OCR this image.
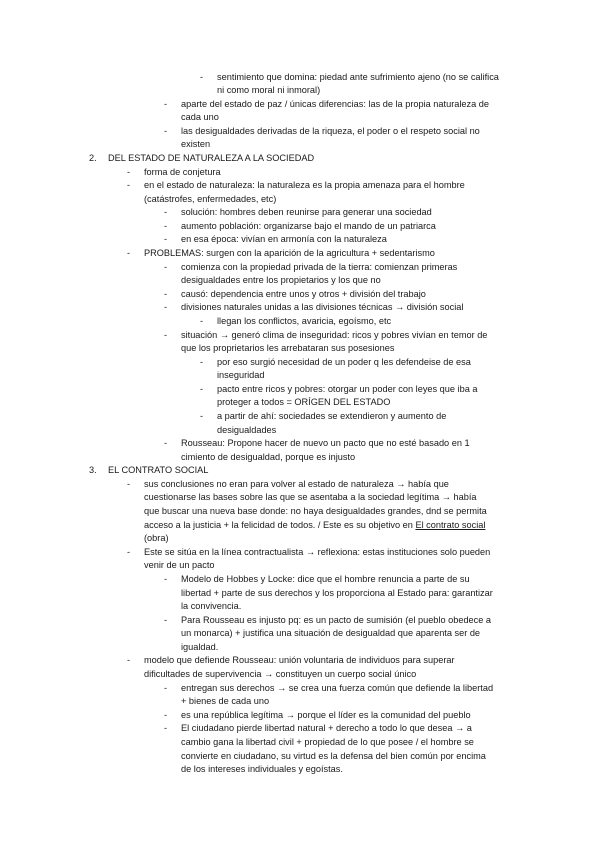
- sentimiento que domina: piedad ante sufrimiento ajeno (no se califica
ni como moral ni inmoral)
- aparte del estado de paz / únicas diferencias: las de la propia naturaleza de
cada uno
- las desigualdades derivadas de la riqueza, el poder o el respeto social no
existen
2. DEL ESTADO DE NATURALEZA A LA SOCIEDAD
- forma de conjetura
- en el estado de naturaleza: la naturaleza es la propia amenaza para el hombre
(catástrofes, enfermedades, etc)
- solución: hombres deben reunirse para generar una sociedad
- aumento población: organizarse bajo el mando de un patriarca
- en esa época: vivían en armonía con la naturaleza
- PROBLEMAS: surgen con la aparición de la agricultura + sedentarismo
- comienza con la propiedad privada de la tierra: comienzan primeras
desigualdades entre los propietarios y los que no
- causó: dependencia entre unos y otros + división del trabajo
- divisiones naturales unidas a las divisiones técnicas → división social
- llegan los conflictos, avaricia, egoísmo, etc
- situación → generó clima de inseguridad: ricos y pobres vivían en temor de
que los proprietarios les arrebataran sus posesiones
- por eso surgió necesidad de un poder q les defendeise de esa
inseguridad
- pacto entre ricos y pobres: otorgar un poder con leyes que iba a
proteger a todos = ORÍGEN DEL ESTADO
- a partir de ahí: sociedades se extendieron y aumento de
desigualdades
- Rousseau: Propone hacer de nuevo un pacto que no esté basado en 1
cimiento de desigualdad, porque es injusto
3. EL CONTRATO SOCIAL
- sus conclusiones no eran para volver al estado de naturaleza → había que
cuestionarse las bases sobre las que se asentaba a la sociedad legítima → había
que buscar una nueva base donde: no haya desigualdades grandes, dnd se permita
acceso a la justicia + la felicidad de todos. / Este es su objetivo en El contrato social
(obra)
- Este se sitúa en la línea contractualista → reflexiona: estas instituciones solo pueden
venir de un pacto
- Modelo de Hobbes y Locke: dice que el hombre renuncia a parte de su
libertad + parte de sus derechos y los proporciona al Estado para: garantizar
la convivencia.
- Para Rousseau es injusto pq: es un pacto de sumisión (el pueblo obedece a
un monarca) + justifica una situación de desigualdad que aparenta ser de
igualdad.
- modelo que defiende Rousseau: unión voluntaria de individuos para superar
dificultades de supervivencia → constituyen un cuerpo social único
- entregan sus derechos → se crea una fuerza común que defiende la libertad
+ bienes de cada uno
- es una república legítima → porque el líder es la comunidad del pueblo
- El ciudadano pierde libertad natural + derecho a todo lo que desea → a
cambio gana la libertad civil + propiedad de lo que posee / el hombre se
convierte en ciudadano, su virtud es la defensa del bien común por encima
de los intereses individuales y egoístas.
